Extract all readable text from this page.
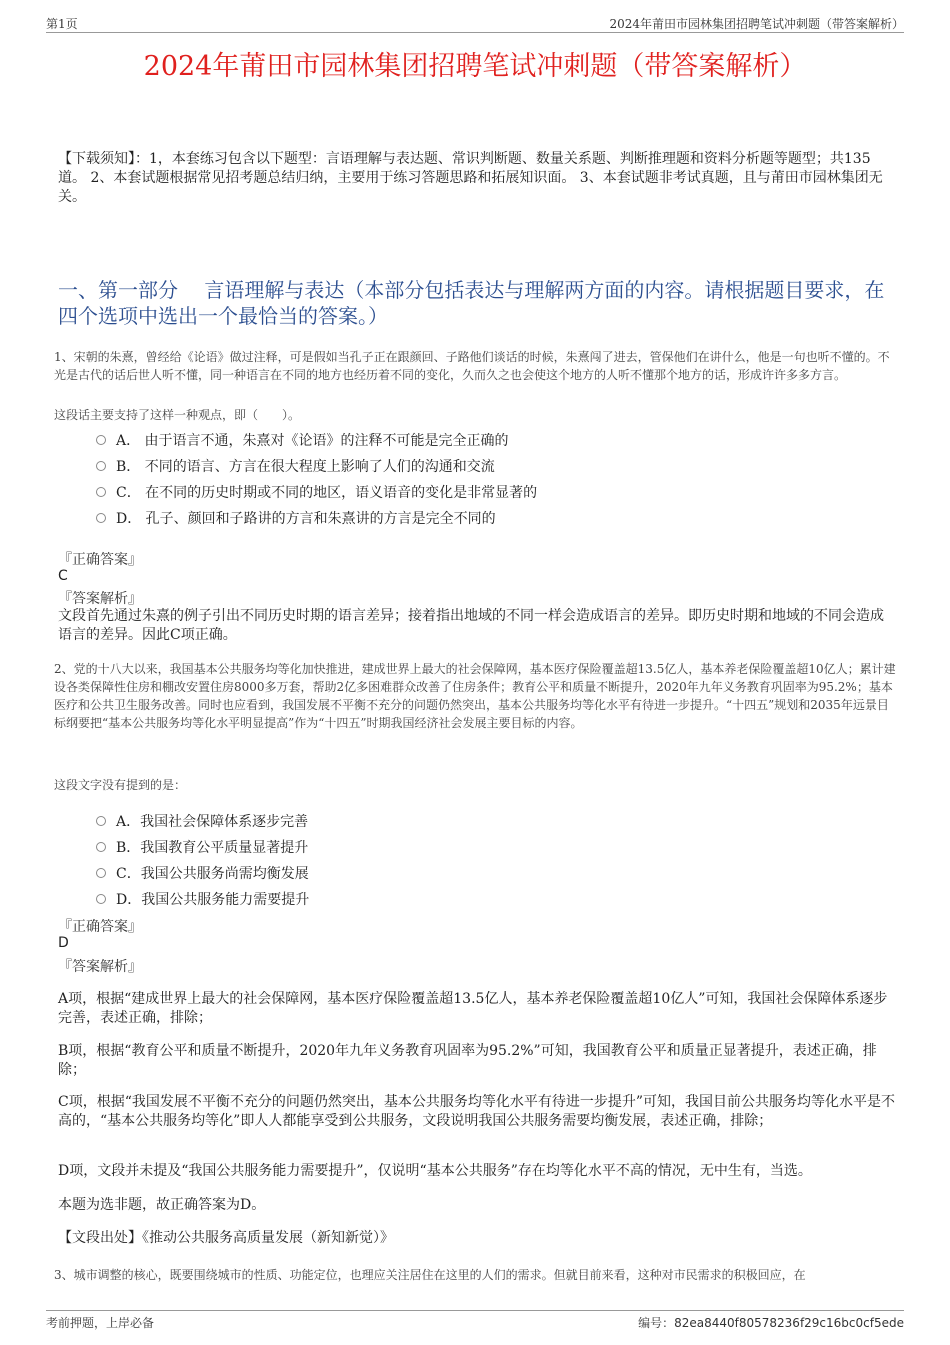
第1页	2024年莆田市园林集团招聘笔试冲刺题（带答案解析）
2024年莆田市园林集团招聘笔试冲刺题（带答案解析）
【下载须知】：1，本套练习包含以下题型：言语理解与表达题、常识判断题、数量关系题、判断推理题和资料分析题等题型；共135道。 2、本套试题根据常见招考题总结归纳，主要用于练习答题思路和拓展知识面。 3、本套试题非考试真题，且与莆田市园林集团无关。
一、第一部分　 言语理解与表达（本部分包括表达与理解两方面的内容。请根据题目要求，在四个选项中选出一个最恰当的答案。）
1、宋朝的朱熹，曾经给《论语》做过注释，可是假如当孔子正在跟颜回、子路他们谈话的时候，朱熹闯了进去，管保他们在讲什么，他是一句也听不懂的。不光是古代的话后世人听不懂，同一种语言在不同的地方也经历着不同的变化，久而久之也会使这个地方的人听不懂那个地方的话，形成许许多多方言。
这段话主要支持了这样一种观点，即（　　）。
A． 由于语言不通，朱熹对《论语》的注释不可能是完全正确的
B． 不同的语言、方言在很大程度上影响了人们的沟通和交流
C． 在不同的历史时期或不同的地区，语义语音的变化是非常显著的
D． 孔子、颜回和子路讲的方言和朱熹讲的方言是完全不同的
『正确答案』
C
『答案解析』
文段首先通过朱熹的例子引出不同历史时期的语言差异；接着指出地域的不同一样会造成语言的差异。即历史时期和地域的不同会造成语言的差异。因此C项正确。
2、党的十八大以来，我国基本公共服务均等化加快推进，建成世界上最大的社会保障网，基本医疗保险覆盖超13.5亿人，基本养老保险覆盖超10亿人；累计建设各类保障性住房和棚改安置住房8000多万套，帮助2亿多困难群众改善了住房条件；教育公平和质量不断提升，2020年九年义务教育巩固率为95.2%；基本医疗和公共卫生服务改善。同时也应看到，我国发展不平衡不充分的问题仍然突出，基本公共服务均等化水平有待进一步提升。“十四五”规划和2035年远景目标纲要把“基本公共服务均等化水平明显提高”作为“十四五”时期我国经济社会发展主要目标的内容。
这段文字没有提到的是：
A．我国社会保障体系逐步完善
B．我国教育公平质量显著提升
C．我国公共服务尚需均衡发展
D．我国公共服务能力需要提升
『正确答案』
D
『答案解析』
A项，根据“建成世界上最大的社会保障网，基本医疗保险覆盖超13.5亿人，基本养老保险覆盖超10亿人”可知，我国社会保障体系逐步完善，表述正确，排除；
B项，根据“教育公平和质量不断提升，2020年九年义务教育巩固率为95.2%”可知，我国教育公平和质量正显著提升，表述正确，排除；
C项，根据“我国发展不平衡不充分的问题仍然突出，基本公共服务均等化水平有待进一步提升”可知，我国目前公共服务均等化水平是不高的，“基本公共服务均等化”即人人都能享受到公共服务，文段说明我国公共服务需要均衡发展，表述正确，排除；
D项，文段并未提及“我国公共服务能力需要提升”，仅说明“基本公共服务”存在均等化水平不高的情况，无中生有，当选。
本题为选非题，故正确答案为D。
【文段出处】《推动公共服务高质量发展（新知新觉）》
3、城市调整的核心，既要围绕城市的性质、功能定位，也理应关注居住在这里的人们的需求。但就目前来看，这种对市民需求的积极回应，在
考前押题，上岸必备	编号：82ea8440f80578236f29c16bc0cf5ede
